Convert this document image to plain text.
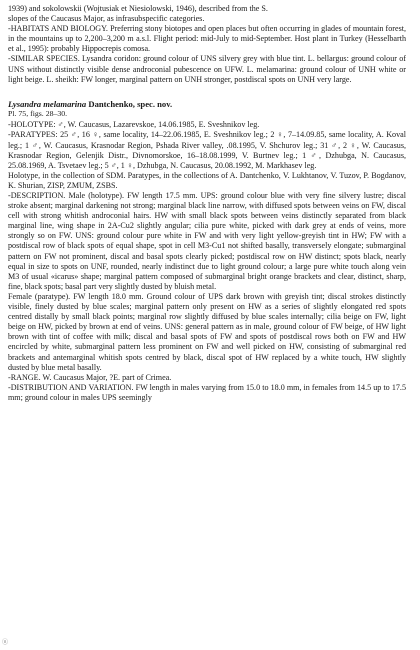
1939) and sokolowskii (Wojtusiak et Niesiolowski, 1946), described from the S.

slopes of the Caucasus Major, as infrasubspecific categories.

-HABITATS AND BIOLOGY. Preferring stony biotopes and open places but often occurring in glades of mountain forest, in the mountains up to 2,200–3,200 m a.s.l. Flight period: mid-July to mid-September. Host plant in Turkey (Hesselbarth et al., 1995): probably Hippocrepis comosa.

-SIMILAR SPECIES. Lysandra coridon: ground colour of UNS silvery grey with blue tint. L. bellargus: ground colour of UNS without distinctly visible dense androconial pubescence on UFW. L. melamarina: ground colour of UNH white or light beige. L. sheikh: FW longer, marginal pattern on UNH stronger, postdiscal spots on UNH very large.

Lysandra melamarina Dantchenko, spec. nov.

Pl. 75, figs. 28–30.

-HOLOTYPE: ♂, W. Caucasus, Lazarevskoe, 14.06.1985, E. Sveshnikov leg.

-PARATYPES: 25 ♂, 16 ♀, same locality, 14–22.06.1985, E. Sveshnikov leg.; 2 ♀, 7–14.09.85, same locality, A. Koval leg.; 1 ♂, W. Caucasus, Krasnodar Region, Pshada River valley, .08.1995, V. Shchurov leg.; 31 ♂, 2 ♀, W. Caucasus, Krasnodar Region, Gelenjik Distr., Divnomorskoe, 16–18.08.1999, V. Burtnev leg.; 1 ♂, Dzhubga, N. Caucasus, 25.08.1969, A. Tsvetaev leg.; 5 ♂, 1 ♀, Dzhubga, N. Caucasus, 20.08.1992, M. Markhasev leg.

Holotype, in the collection of SDM. Paratypes, in the collections of A. Dantchenko, V. Lukhtanov, V. Tuzov, P. Bogdanov, K. Shurian, ZISP, ZMUM, ZSBS.

-DESCRIPTION. Male (holotype). FW length 17.5 mm. UPS: ground colour blue with very fine silvery lustre; discal stroke absent; marginal darkening not strong; marginal black line narrow, with diffused spots between veins on FW, discal cell with strong whitish androconial hairs. HW with small black spots between veins distinctly separated from black marginal line, wing shape in 2A-Cu2 slightly angular; cilia pure white, picked with dark grey at ends of veins, more strongly so on FW. UNS: ground colour pure white in FW and with very light yellow-greyish tint in HW; FW with a postdiscal row of black spots of equal shape, spot in cell M3-Cu1 not shifted basally, transversely elongate; submarginal pattern on FW not prominent, discal and basal spots clearly picked; postdiscal row on HW distinct; spots black, nearly equal in size to spots on UNF, rounded, nearly indistinct due to light ground colour; a large pure white touch along vein M3 of usual «icarus» shape; marginal pattern composed of submarginal bright orange brackets and clear, distinct, sharp, fine, black spots; basal part very slightly dusted by bluish metal.

Female (paratype). FW length 18.0 mm. Ground colour of UPS dark brown with greyish tint; discal strokes distinctly visible, finely dusted by blue scales; marginal pattern only present on HW as a series of slightly elongated red spots centred distally by small black points; marginal row slightly diffused by blue scales internally; cilia beige on FW, light beige on HW, picked by brown at end of veins. UNS: general pattern as in male, ground colour of FW beige, of HW light brown with tint of coffee with milk; discal and basal spots of FW and spots of postdiscal rows both on FW and HW encircled by white, submarginal pattern less prominent on FW and well picked on HW, consisting of submarginal red brackets and antemarginal whitish spots centred by black, discal spot of HW replaced by a white touch, HW slightly dusted by blue metal basally.

-RANGE. W. Caucasus Major, ?E. part of Crimea.

-DISTRIBUTION AND VARIATION. FW length in males varying from 15.0 to 18.0 mm, in females from 14.5 up to 17.5 mm; ground colour in males UPS seemingly

ⓤ
